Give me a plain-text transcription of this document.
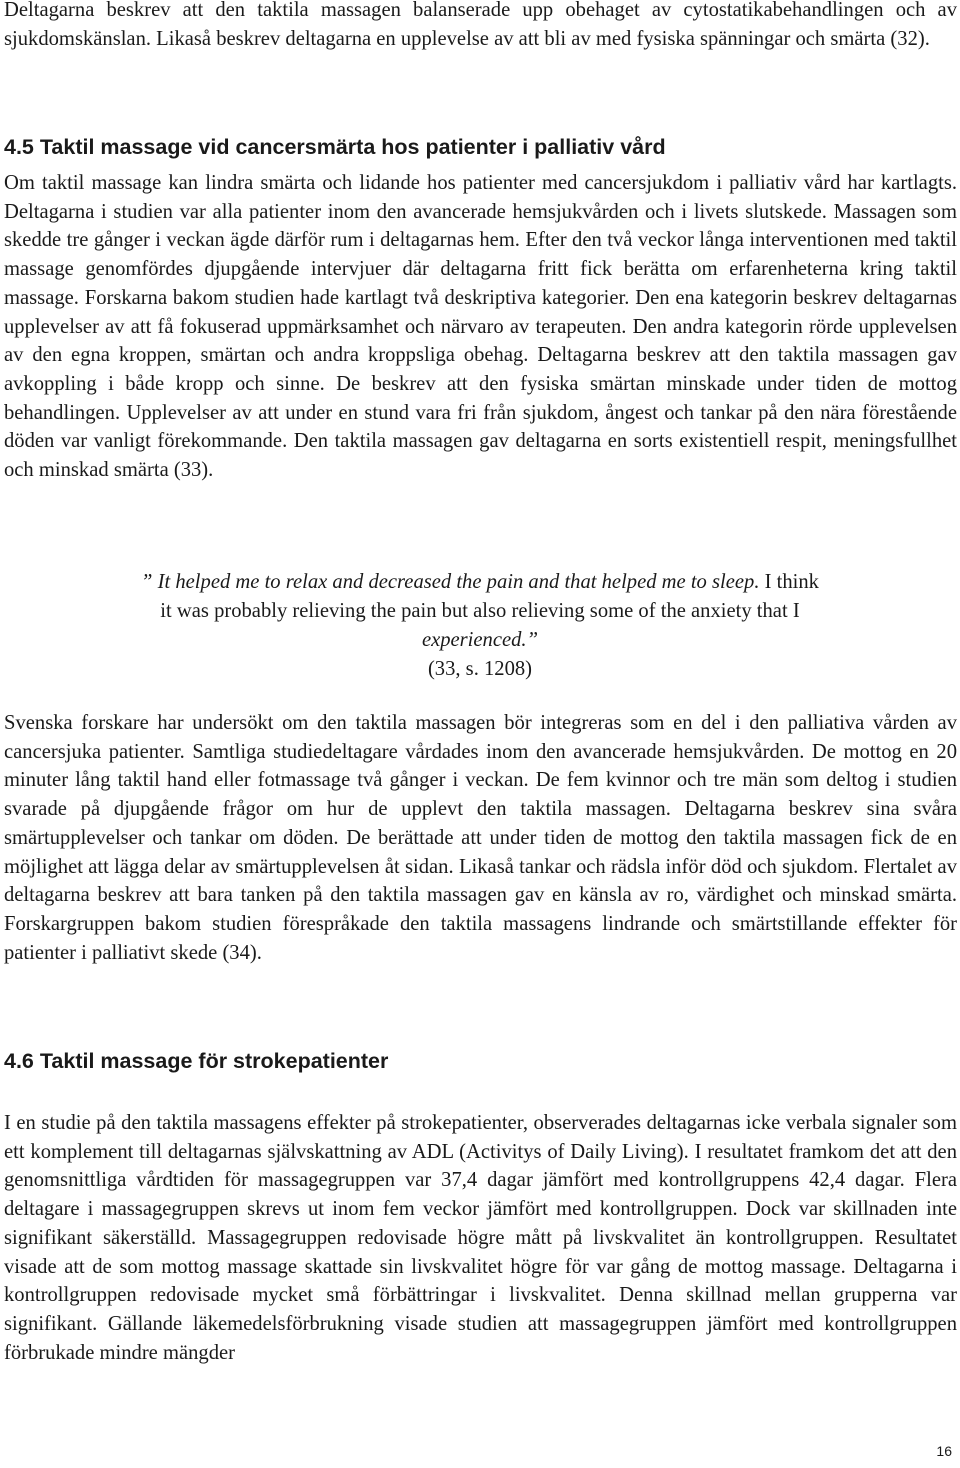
Deltagarna beskrev att den taktila massagen balanserade upp obehaget av cytostatikabehandlingen och av sjukdomskänslan. Likaså beskrev deltagarna en upplevelse av att bli av med fysiska spänningar och smärta (32).

4.5 Taktil massage vid cancersmärta hos patienter i palliativ vård

Om taktil massage kan lindra smärta och lidande hos patienter med cancersjukdom i palliativ vård har kartlagts. Deltagarna i studien var alla patienter inom den avancerade hemsjukvården och i livets slutskede. Massagen som skedde tre gånger i veckan ägde därför rum i deltagarnas hem. Efter den två veckor långa interventionen med taktil massage genomfördes djupgående intervjuer där deltagarna fritt fick berätta om erfarenheterna kring taktil massage. Forskarna bakom studien hade kartlagt två deskriptiva kategorier. Den ena kategorin beskrev deltagarnas upplevelser av att få fokuserad uppmärksamhet och närvaro av terapeuten. Den andra kategorin rörde upplevelsen av den egna kroppen, smärtan och andra kroppsliga obehag. Deltagarna beskrev att den taktila massagen gav avkoppling i både kropp och sinne. De beskrev att den fysiska smärtan minskade under tiden de mottog behandlingen. Upplevelser av att under en stund vara fri från sjukdom, ångest och tankar på den nära förestående döden var vanligt förekommande. Den taktila massagen gav deltagarna en sorts existentiell respit, meningsfullhet och minskad smärta (33).

” It helped me to relax and decreased the pain and that helped me to sleep. I think
it was probably relieving the pain but also relieving some of the anxiety that I
experienced.”
(33, s. 1208)

Svenska forskare har undersökt om den taktila massagen bör integreras som en del i den palliativa vården av cancersjuka patienter. Samtliga studiedeltagare vårdades inom den avancerade hemsjukvården. De mottog en 20 minuter lång taktil hand eller fotmassage två gånger i veckan. De fem kvinnor och tre män som deltog i studien svarade på djupgående frågor om hur de upplevt den taktila massagen. Deltagarna beskrev sina svåra smärtupplevelser och tankar om döden. De berättade att under tiden de mottog den taktila massagen fick de en möjlighet att lägga delar av smärtupplevelsen åt sidan. Likaså tankar och rädsla inför död och sjukdom. Flertalet av deltagarna beskrev att bara tanken på den taktila massagen gav en känsla av ro, värdighet och minskad smärta. Forskargruppen bakom studien förespråkade den taktila massagens lindrande och smärtstillande effekter för patienter i palliativt skede (34).

4.6 Taktil massage för strokepatienter

I en studie på den taktila massagens effekter på strokepatienter, observerades deltagarnas icke verbala signaler som ett komplement till deltagarnas självskattning av ADL (Activitys of Daily Living). I resultatet framkom det att den genomsnittliga vårdtiden för massagegruppen var 37,4 dagar jämfört med kontrollgruppens 42,4 dagar. Flera deltagare i massagegruppen skrevs ut inom fem veckor jämfört med kontrollgruppen. Dock var skillnaden inte signifikant säkerställd. Massagegruppen redovisade högre mått på livskvalitet än kontrollgruppen. Resultatet visade att de som mottog massage skattade sin livskvalitet högre för var gång de mottog massage. Deltagarna i kontrollgruppen redovisade mycket små förbättringar i livskvalitet. Denna skillnad mellan grupperna var signifikant. Gällande läkemedelsförbrukning visade studien att massagegruppen jämfört med kontrollgruppen förbrukade mindre mängder

16
